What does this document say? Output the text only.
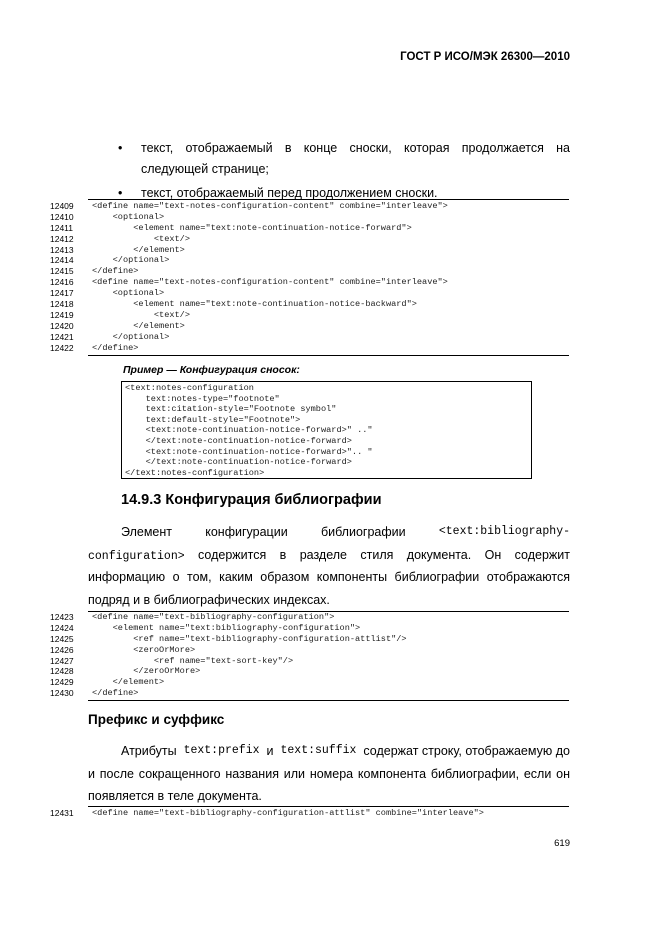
ГОСТ Р ИСО/МЭК 26300—2010
•	текст, отображаемый в конце сноски, которая продолжается на
следующей странице;
•	текст, отображаемый перед продолжением сноски.
12409	<define name="text-notes-configuration-content" combine="interleave">
12410	<optional>
12411	<element name="text:note-continuation-notice-forward">
12412	<text/>
12413	</element>
12414	</optional>
12415	</define>
12416	<define name="text-notes-configuration-content" combine="interleave">
12417	<optional>
12418	<element name="text:note-continuation-notice-backward">
12419	<text/>
12420	</element>
12421	</optional>
12422	</define>
Пример — Конфигурация сносок:
<text:notes-configuration
text:notes-type="footnote"
text:citation-style="Footnote symbol"
text:default-style="Footnote">
<text:note-continuation-notice-forward>" .."
</text:note-continuation-notice-forward>
<text:note-continuation-notice-forward>".. "
</text:note-continuation-notice-forward>
</text:notes-configuration>
14.9.3 Конфигурация библиографии
Элемент	конфигурации	библиографии	<text:bibliography-
configuration> содержится в разделе стиля документа. Он содержит
информацию о том, каким образом компоненты библиографии отображаются
подряд и в библиографических индексах.
12423	<define name="text-bibliography-configuration">
12424	<element name="text:bibliography-configuration">
12425	<ref name="text-bibliography-configuration-attlist"/>
12426	<zeroOrMore>
12427	<ref name="text-sort-key"/>
12428	</zeroOrMore>
12429	</element>
12430	</define>
Префикс и суффикс
Атрибуты text:prefix и text:suffix содержат строку, отображаемую до
и после сокращенного названия или номера компонента библиографии, если он
появляется в теле документа.
12431	<define name="text-bibliography-configuration-attlist" combine="interleave">
619
